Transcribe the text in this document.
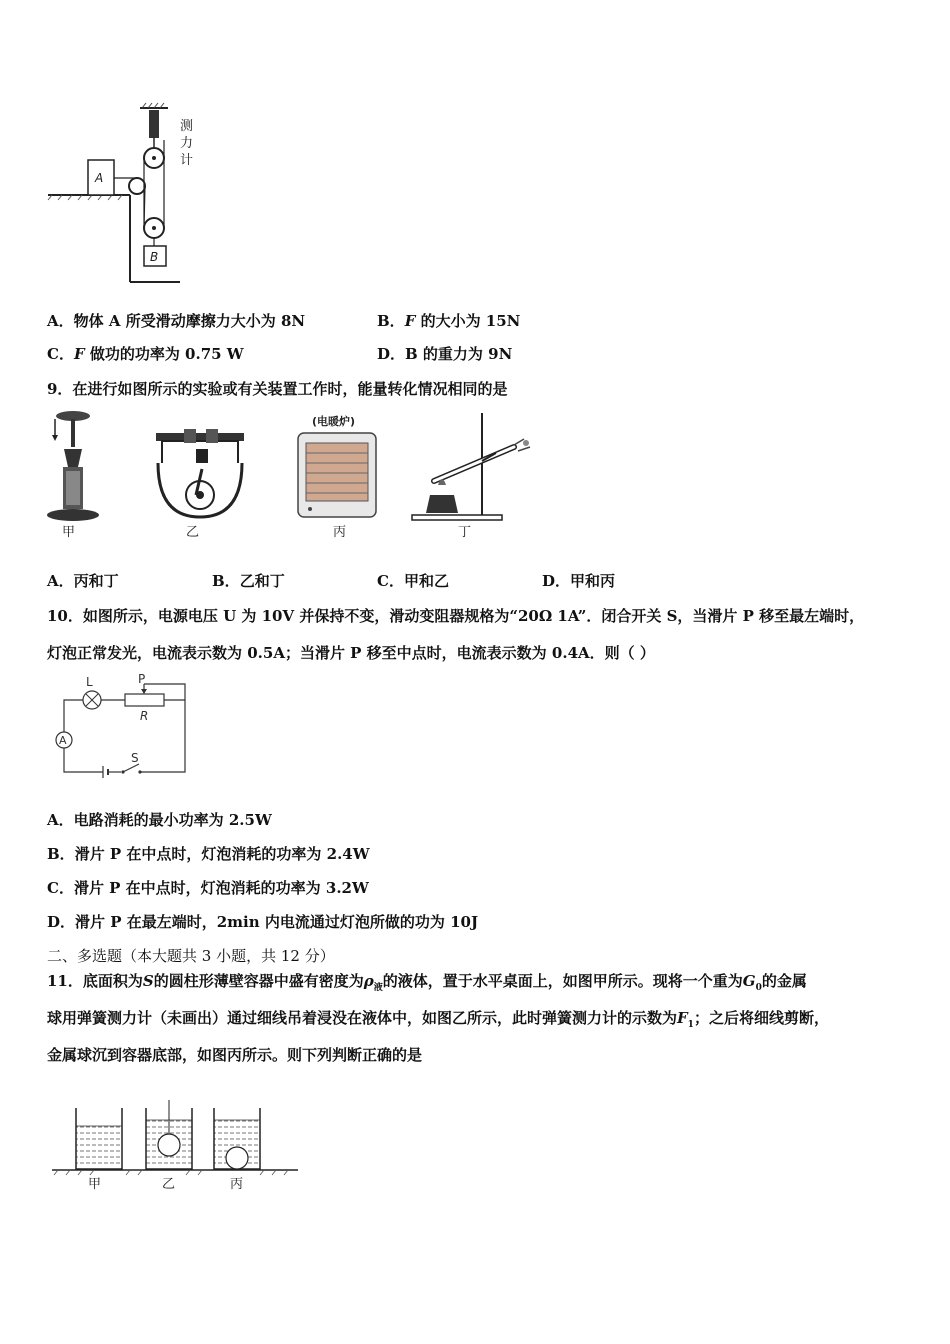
B
A
测
力
计
A．物体 A 所受滑动摩擦力大小为 8N	B．F 的大小为 15N
C．F 做功的功率为 0.75 W	D．B 的重力为 9N
9．在进行如图所示的实验或有关装置工作时，能量转化情况相同的是
甲	乙
(电暖炉)
丙	丁
A．丙和丁	B．乙和丁	C．甲和乙	D．甲和丙
10．如图所示，电源电压 U 为 10V 并保持不变，滑动变阻器规格为“20Ω 1A”．闭合开关 S，当滑片 P 移至最左端时，
灯泡正常发光，电流表示数为 0.5A；当滑片 P 移至中点时，电流表示数为 0.4A．则（ ）
L	P
R
A
S
A．电路消耗的最小功率为 2.5W
B．滑片 P 在中点时，灯泡消耗的功率为 2.4W
C．滑片 P 在中点时，灯泡消耗的功率为 3.2W
D．滑片 P 在最左端时，2min 内电流通过灯泡所做的功为 10J
二、多选题（本大题共 3 小题，共 12 分）
11．底面积为S的圆柱形薄壁容器中盛有密度为$\rho_液$的液体，置于水平桌面上，如图甲所示。现将一个重为$G_0$的金属
球用弹簧测力计（未画出）通过细线吊着浸没在液体中，如图乙所示，此时弹簧测力计的示数为$F_1$；之后将细线剪断，
金属球沉到容器底部，如图丙所示。则下列判断正确的是
甲	乙	丙
